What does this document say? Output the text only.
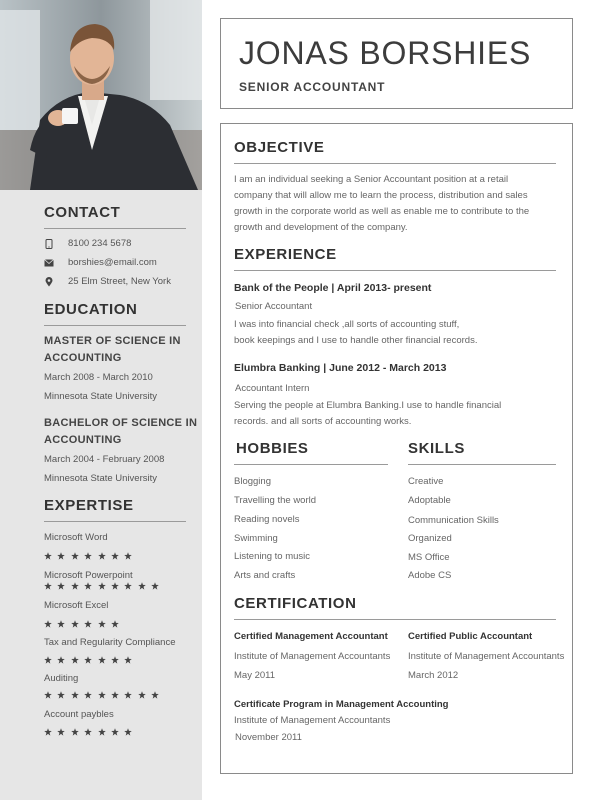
CONTACT
8100 234 5678
borshies@email.com
25 Elm Street, New York
EDUCATION
MASTER OF SCIENCE IN
ACCOUNTING
March 2008 - March 2010
Minnesota State University
BACHELOR OF SCIENCE IN
ACCOUNTING
March 2004 - February 2008
Minnesota State University
EXPERTISE
Microsoft Word
Microsoft Powerpoint
Microsoft Excel
Tax and Regularity Compliance
Auditing
Account paybles
JONAS BORSHIES
SENIOR ACCOUNTANT
OBJECTIVE
I am an individual seeking a Senior Accountant position at a retail
company that will allow me to learn the process, distribution and sales
growth in the corporate world as well as enable me to contribute to the
growth and development of the company.
EXPERIENCE
Bank of the People | April 2013- present
Senior Accountant
I was into financial check ,all sorts of accounting stuff,
book keepings and I use to handle other financial records.
Elumbra Banking | June 2012 - March 2013
Accountant Intern
Serving the people at Elumbra Banking.I use to handle financial
records. and all sorts of accounting works.
HOBBIES	SKILLS
Blogging
Travelling the world
Reading novels
Swimming
Listening to music
Arts and crafts
Creative
Adoptable
Communication Skills
Organized
MS Office
Adobe CS
CERTIFICATION
Certified Management Accountant
Institute of Management Accountants
May 2011
Certified Public Accountant
Institute of Management Accountants
March 2012
Certificate Program in Management Accounting
Institute of Management Accountants
November 2011
